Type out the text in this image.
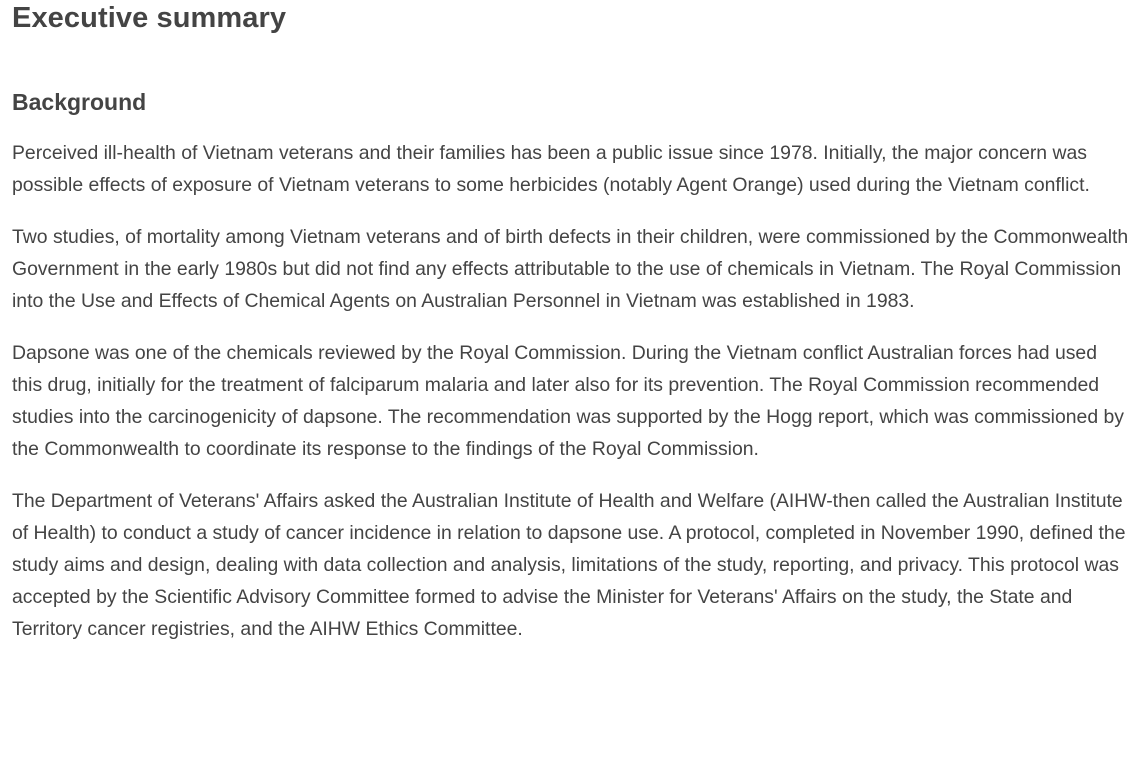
Executive summary
Background

Perceived ill-health of Vietnam veterans and their families has been a public issue since 1978. Initially, the major concern was possible effects of exposure of Vietnam veterans to some herbicides (notably Agent Orange) used during the Vietnam conflict.

Two studies, of mortality among Vietnam veterans and of birth defects in their children, were commissioned by the Commonwealth Government in the early 1980s but did not find any effects attributable to the use of chemicals in Vietnam. The Royal Commission into the Use and Effects of Chemical Agents on Australian Personnel in Vietnam was established in 1983.

Dapsone was one of the chemicals reviewed by the Royal Commission. During the Vietnam conflict Australian forces had used this drug, initially for the treatment of falciparum malaria and later also for its prevention. The Royal Commission recommended studies into the carcinogenicity of dapsone. The recommendation was supported by the Hogg report, which was commissioned by the Commonwealth to coordinate its response to the findings of the Royal Commission.

The Department of Veterans' Affairs asked the Australian Institute of Health and Welfare (AIHW-then called the Australian Institute of Health) to conduct a study of cancer incidence in relation to dapsone use. A protocol, completed in November 1990, defined the study aims and design, dealing with data collection and analysis, limitations of the study, reporting, and privacy. This protocol was accepted by the Scientific Advisory Committee formed to advise the Minister for Veterans' Affairs on the study, the State and Territory cancer registries, and the AIHW Ethics Committee.
